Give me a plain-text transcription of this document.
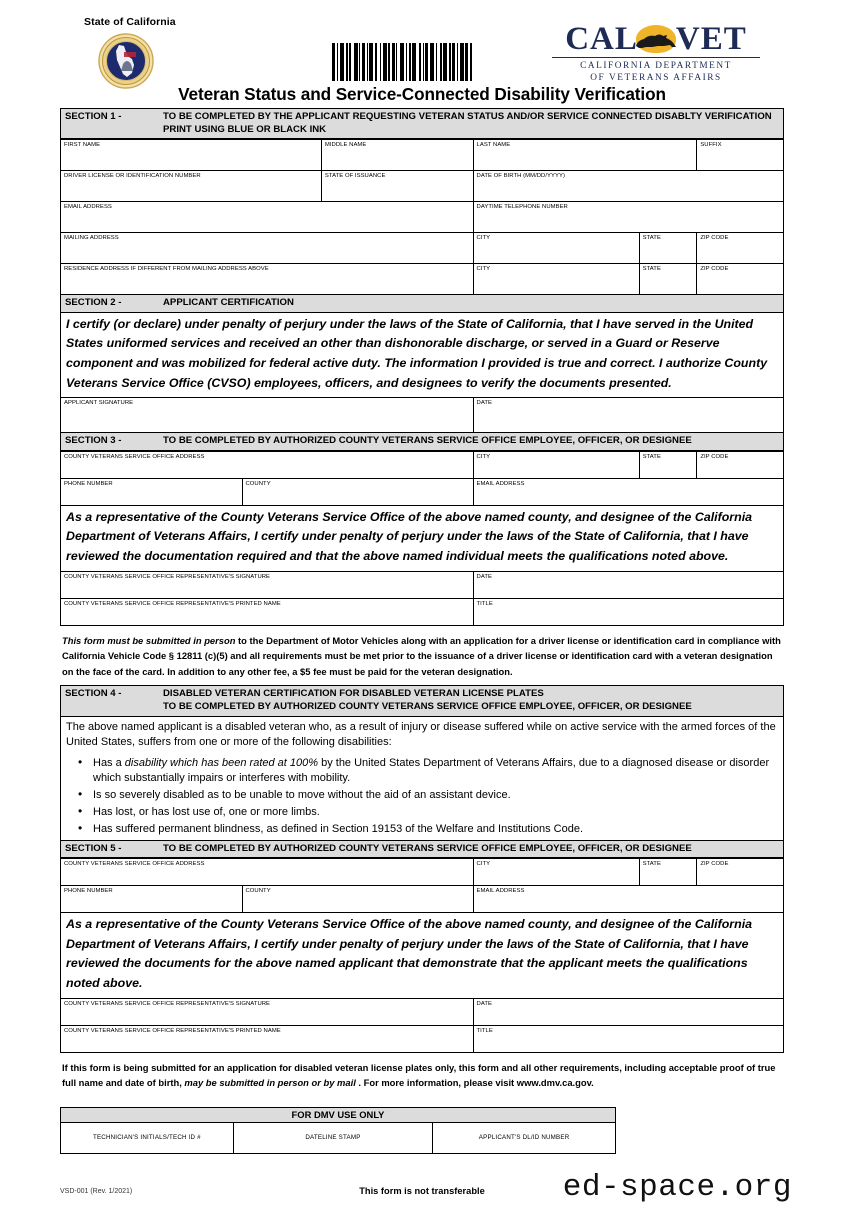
State of California	CAL VET
CALIFORNIA DEPARTMENT
OF VETERANS AFFAIRS
Veteran Status and Service-Connected Disability Verification
SECTION 1 -	TO BE COMPLETED BY THE APPLICANT REQUESTING VETERAN STATUS AND/OR SERVICE CONNECTED DISABLTY VERIFICATION
PRINT USING BLUE OR BLACK INK
FIRST NAME	MIDDLE NAME	LAST NAME	SUFFIX
DRIVER LICENSE OR IDENTIFICATION NUMBER	STATE OF ISSUANCE	DATE OF BIRTH (MM/DD/YYYY)
EMAIL ADDRESS	DAYTIME TELEPHONE NUMBER
MAILING ADDRESS	CITY	STATE	ZIP CODE
RESIDENCE ADDRESS IF DIFFERENT FROM MAILING ADDRESS ABOVE	CITY	STATE	ZIP CODE
SECTION 2 -	APPLICANT CERTIFICATION
I certify (or declare) under penalty of perjury under the laws of the State of California, that I have served in the United States uniformed services and received an other than dishonorable discharge, or served in a Guard or Reserve component and was mobilized for federal active duty. The information I provided is true and correct. I authorize County Veterans Service Office (CVSO) employees, officers, and designees to verify the documents presented.
APPLICANT SIGNATURE	DATE
SECTION 3 -	TO BE COMPLETED BY AUTHORIZED COUNTY VETERANS SERVICE OFFICE EMPLOYEE, OFFICER, OR DESIGNEE
COUNTY VETERANS SERVICE OFFICE ADDRESS	CITY	STATE	ZIP CODE
PHONE NUMBER	COUNTY	EMAIL ADDRESS
As a representative of the County Veterans Service Office of the above named county, and designee of the California Department of Veterans Affairs, I certify under penalty of perjury under the laws of the State of California, that I have reviewed the documentation required and that the above named individual meets the qualifications noted above.
COUNTY VETERANS SERVICE OFFICE REPRESENTATIVE'S SIGNATURE	DATE
COUNTY VETERANS SERVICE OFFICE REPRESENTATIVE'S PRINTED NAME	TITLE
This form must be submitted in person to the Department of Motor Vehicles along with an application for a driver license or identification card in compliance with California Vehicle Code § 12811 (c)(5) and all requirements must be met prior to the issuance of a driver license or identification card with a veteran designation on the face of the card. In addition to any other fee, a $5 fee must be paid for the veteran designation.
SECTION 4 -	DISABLED VETERAN CERTIFICATION FOR DISABLED VETERAN LICENSE PLATES
TO BE COMPLETED BY AUTHORIZED COUNTY VETERANS SERVICE OFFICE EMPLOYEE, OFFICER, OR DESIGNEE
The above named applicant is a disabled veteran who, as a result of injury or disease suffered while on active service with the armed forces of the United States, suffers from one or more of the following disabilities:
• Has a disability which has been rated at 100% by the United States Department of Veterans Affairs, due to a diagnosed disease or disorder which substantially impairs or interferes with mobility.
• Is so severely disabled as to be unable to move without the aid of an assistant device.
• Has lost, or has lost use of, one or more limbs.
• Has suffered permanent blindness, as defined in Section 19153 of the Welfare and Institutions Code.
SECTION 5 -	TO BE COMPLETED BY AUTHORIZED COUNTY VETERANS SERVICE OFFICE EMPLOYEE, OFFICER, OR DESIGNEE
COUNTY VETERANS SERVICE OFFICE ADDRESS	CITY	STATE	ZIP CODE
PHONE NUMBER	COUNTY	EMAIL ADDRESS
As a representative of the County Veterans Service Office of the above named county, and designee of the California Department of Veterans Affairs, I certify under penalty of perjury under the laws of the State of California, that I have reviewed the documents for the above named applicant that demonstrate that the applicant meets the qualifications noted above.
COUNTY VETERANS SERVICE OFFICE REPRESENTATIVE'S SIGNATURE	DATE
COUNTY VETERANS SERVICE OFFICE REPRESENTATIVE'S PRINTED NAME	TITLE
If this form is being submitted for an application for disabled veteran license plates only, this form and all other requirements, including acceptable proof of true full name and date of birth, may be submitted in person or by mail . For more information, please visit www.dmv.ca.gov.
FOR DMV USE ONLY
TECHNICIAN'S INITIALS/TECH ID #	DATELINE STAMP	APPLICANT'S DL/ID NUMBER
VSD-001 (Rev. 1/2021)	This form is not transferable	ed-space.org
